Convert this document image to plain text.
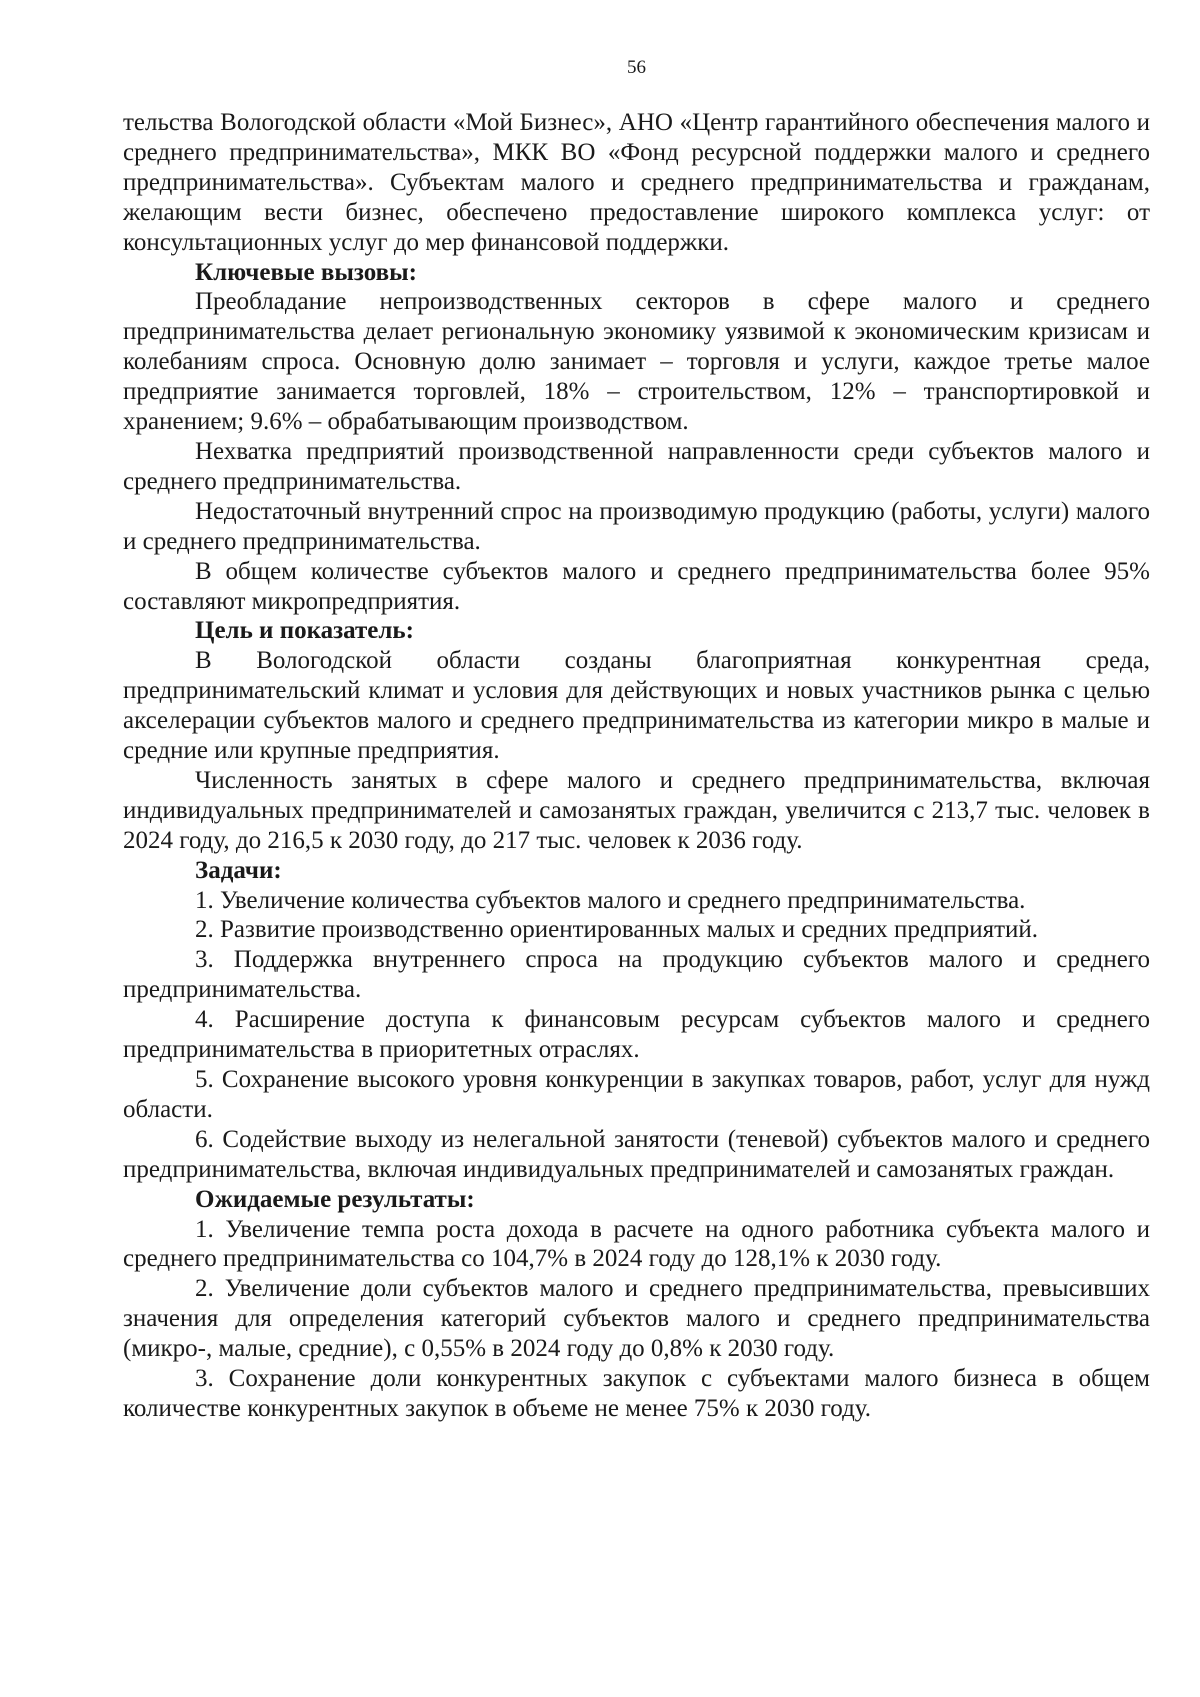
56

тельства Вологодской области «Мой Бизнес», АНО «Центр гарантийного обеспечения малого и среднего предпринимательства», МКК ВО «Фонд ресурсной поддержки малого и среднего предпринимательства». Субъектам малого и среднего предпринимательства и гражданам, желающим вести бизнес, обеспечено предоставление широкого комплекса услуг: от консультационных услуг до мер финансовой поддержки.

Ключевые вызовы:

Преобладание непроизводственных секторов в сфере малого и среднего предпринимательства делает региональную экономику уязвимой к экономическим кризисам и колебаниям спроса. Основную долю занимает – торговля и услуги, каждое третье малое предприятие занимается торговлей, 18% – строительством, 12% – транспортировкой и хранением; 9.6% – обрабатывающим производством.

Нехватка предприятий производственной направленности среди субъектов малого и среднего предпринимательства.

Недостаточный внутренний спрос на производимую продукцию (работы, услуги) малого и среднего предпринимательства.

В общем количестве субъектов малого и среднего предпринимательства более 95% составляют микропредприятия.

Цель и показатель:

В Вологодской области созданы благоприятная конкурентная среда, предпринимательский климат и условия для действующих и новых участников рынка с целью акселерации субъектов малого и среднего предпринимательства из категории микро в малые и средние или крупные предприятия.

Численность занятых в сфере малого и среднего предпринимательства, включая индивидуальных предпринимателей и самозанятых граждан, увеличится с 213,7 тыс. человек в 2024 году, до 216,5 к 2030 году, до 217 тыс. человек к 2036 году.

Задачи:

1. Увеличение количества субъектов малого и среднего предпринимательства.

2. Развитие производственно ориентированных малых и средних предприятий.

3. Поддержка внутреннего спроса на продукцию субъектов малого и среднего предпринимательства.

4. Расширение доступа к финансовым ресурсам субъектов малого и среднего предпринимательства в приоритетных отраслях.

5. Сохранение высокого уровня конкуренции в закупках товаров, работ, услуг для нужд области.

6. Содействие выходу из нелегальной занятости (теневой) субъектов малого и среднего предпринимательства, включая индивидуальных предпринимателей и самозанятых граждан.

Ожидаемые результаты:

1. Увеличение темпа роста дохода в расчете на одного работника субъекта малого и среднего предпринимательства со 104,7% в 2024 году до 128,1% к 2030 году.

2. Увеличение доли субъектов малого и среднего предпринимательства, превысивших значения для определения категорий субъектов малого и среднего предпринимательства (микро-, малые, средние), с 0,55% в 2024 году до 0,8% к 2030 году.

3. Сохранение доли конкурентных закупок с субъектами малого бизнеса в общем количестве конкурентных закупок в объеме не менее 75% к 2030 году.
